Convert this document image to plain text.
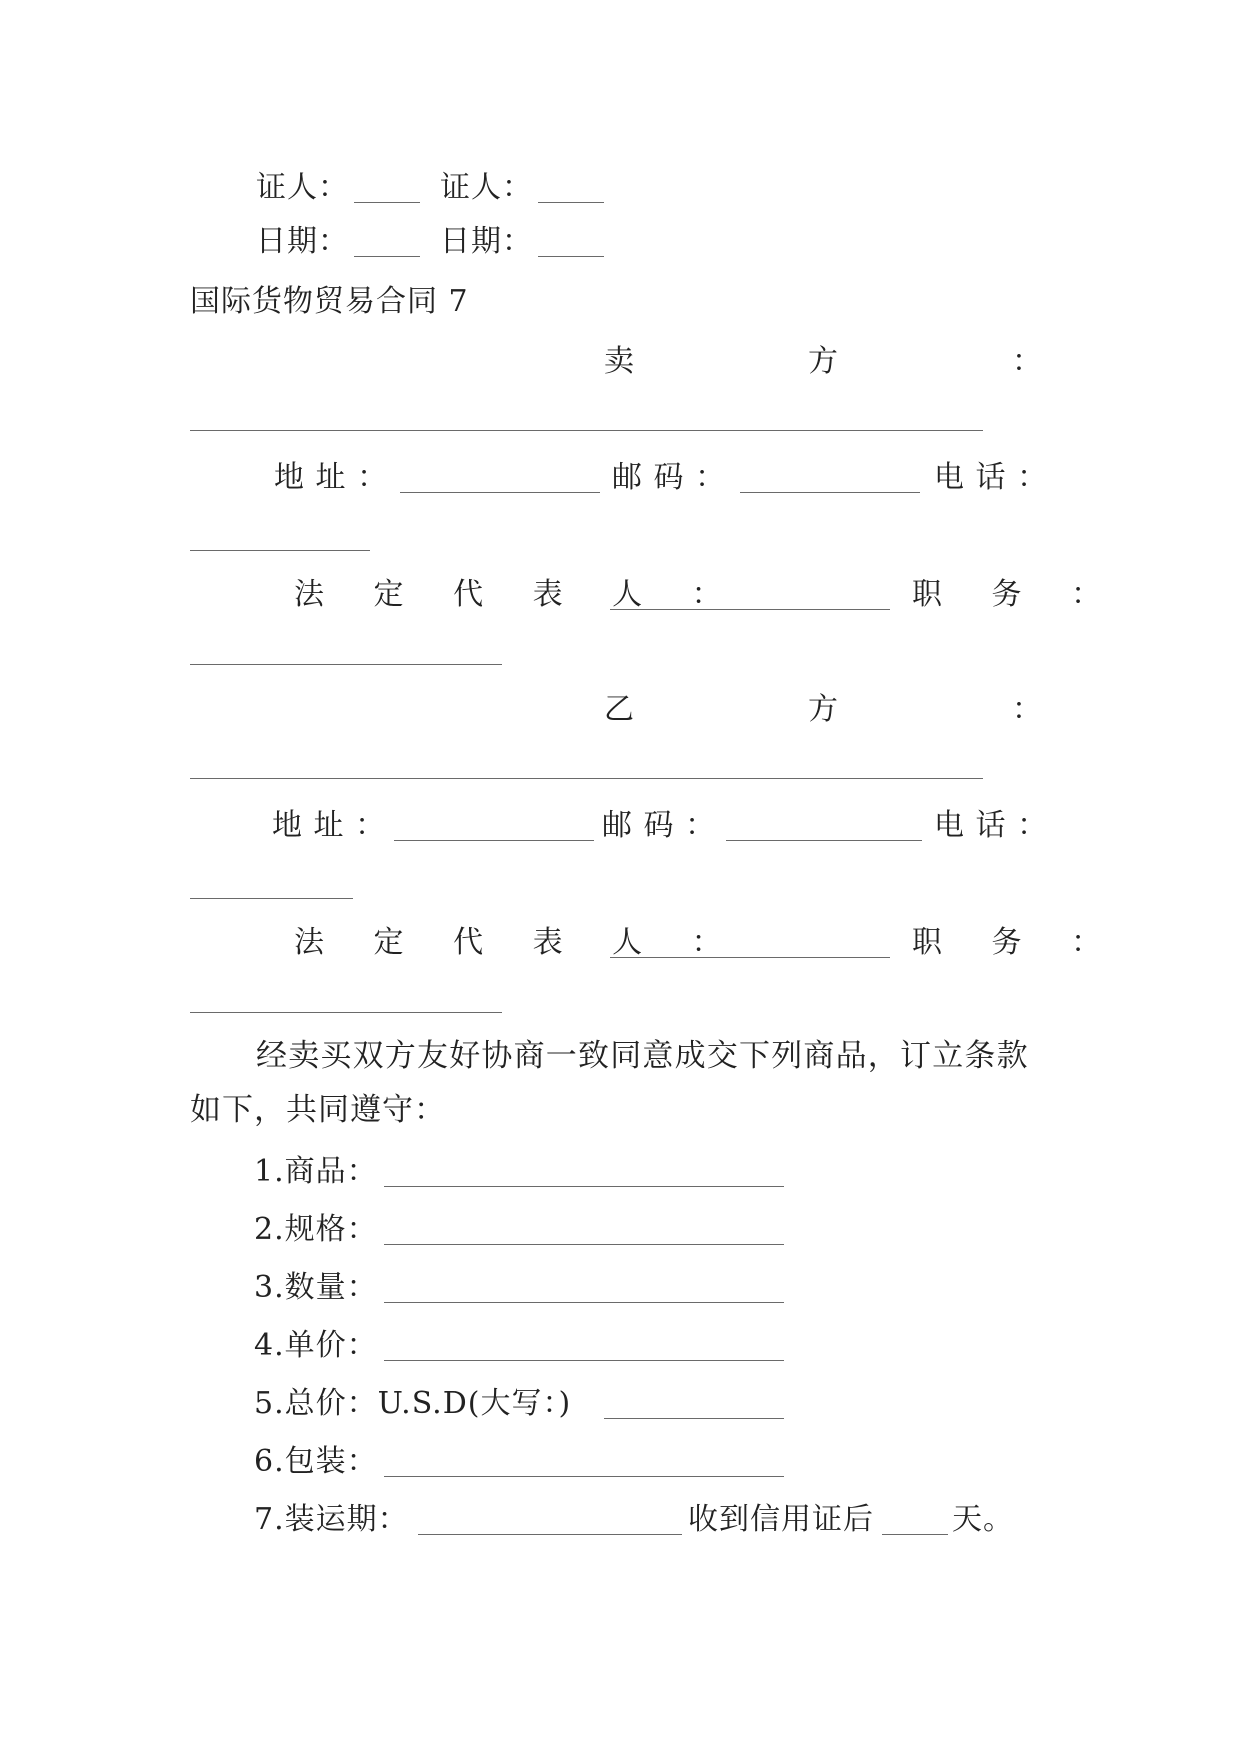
证人：	证人：
日期：	日期：
国际货物贸易合同 7
卖	方	：
地 址 ：	邮 码 ：	电 话 ：
法 定 代 表 人 ：	职 务 ：
乙	方	：
地 址 ：	邮 码 ：	电 话 ：
法 定 代 表 人 ：	职 务 ：
经卖买双方友好协商一致同意成交下列商品，订立条款
如下，共同遵守：
1.商品：
2.规格：
3.数量：
4.单价：
5.总价：U.S.D(大写：)
6.包装：
7.装运期：	收到信用证后	天。
